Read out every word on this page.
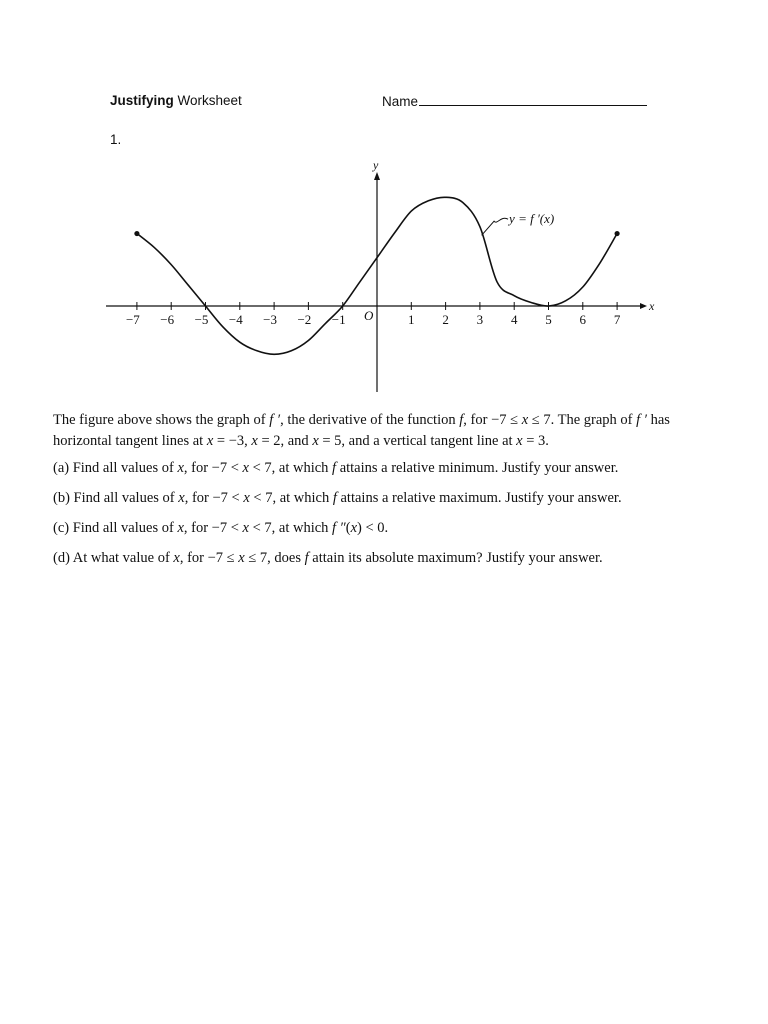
Justifying Worksheet	Name
1.
−7 −6 −5 −4 −3 −2 −1	1 2 3 4 5 6 7
y = f ′(x)
y
x
O
The figure above shows the graph of f ′, the derivative of the function f, for −7 ≤ x ≤ 7. The graph of f ′ has
horizontal tangent lines at x = −3, x = 2, and x = 5, and a vertical tangent line at x = 3.
(a) Find all values of x, for −7 < x < 7, at which f attains a relative minimum. Justify your answer.
(b) Find all values of x, for −7 < x < 7, at which f attains a relative maximum. Justify your answer.
(c) Find all values of x, for −7 < x < 7, at which f ″(x) < 0.
(d) At what value of x, for −7 ≤ x ≤ 7, does f attain its absolute maximum? Justify your answer.
